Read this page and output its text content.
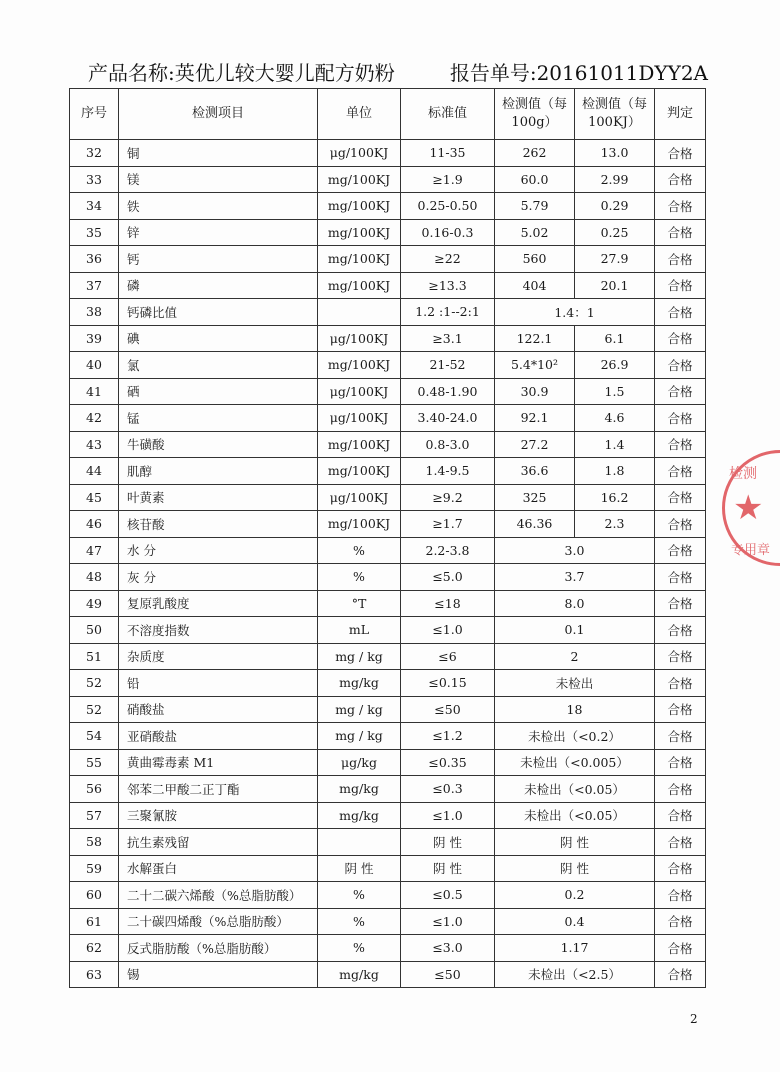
产品名称:英优儿较大婴儿配方奶粉	报告单号:20161011DYY2A
序号	检测项目	单位	标准值	检测值（每100g）	检测值（每100KJ）	判定
32	铜	μg/100KJ	11-35	262	13.0	合格
33	镁	mg/100KJ	≥1.9	60.0	2.99	合格
34	铁	mg/100KJ	0.25-0.50	5.79	0.29	合格
35	锌	mg/100KJ	0.16-0.3	5.02	0.25	合格
36	钙	mg/100KJ	≥22	560	27.9	合格
37	磷	mg/100KJ	≥13.3	404	20.1	合格
38	钙磷比值		1.2 :1--2:1	1.4：1		合格
39	碘	μg/100KJ	≥3.1	122.1	6.1	合格
40	氯	mg/100KJ	21-52	5.4*10²	26.9	合格
41	硒	μg/100KJ	0.48-1.90	30.9	1.5	合格
42	锰	μg/100KJ	3.40-24.0	92.1	4.6	合格
43	牛磺酸	mg/100KJ	0.8-3.0	27.2	1.4	合格
44	肌醇	mg/100KJ	1.4-9.5	36.6	1.8	合格
45	叶黄素	μg/100KJ	≥9.2	325	16.2	合格
46	核苷酸	mg/100KJ	≥1.7	46.36	2.3	合格
47	水 分	%	2.2-3.8	3.0		合格
48	灰 分	%	≤5.0	3.7		合格
49	复原乳酸度	°T	≤18	8.0		合格
50	不溶度指数	mL	≤1.0	0.1		合格
51	杂质度	mg / kg	≤6	2		合格
52	铅	mg/kg	≤0.15	未检出		合格
52	硝酸盐	mg / kg	≤50	18		合格
54	亚硝酸盐	mg / kg	≤1.2	未检出（<0.2）		合格
55	黄曲霉毒素 M1	μg/kg	≤0.35	未检出（<0.005）		合格
56	邻苯二甲酸二正丁酯	mg/kg	≤0.3	未检出（<0.05）		合格
57	三聚氰胺	mg/kg	≤1.0	未检出（<0.05）		合格
58	抗生素残留		阴 性	阴 性		合格
59	水解蛋白	阴 性	阴 性	阴 性		合格
60	二十二碳六烯酸（%总脂肪酸）	%	≤0.5	0.2		合格
61	二十碳四烯酸（%总脂肪酸）	%	≤1.0	0.4		合格
62	反式脂肪酸（%总脂肪酸）	%	≤3.0	1.17		合格
63	锡	mg/kg	≤50	未检出（<2.5）		合格
检测
★
专用章
2
